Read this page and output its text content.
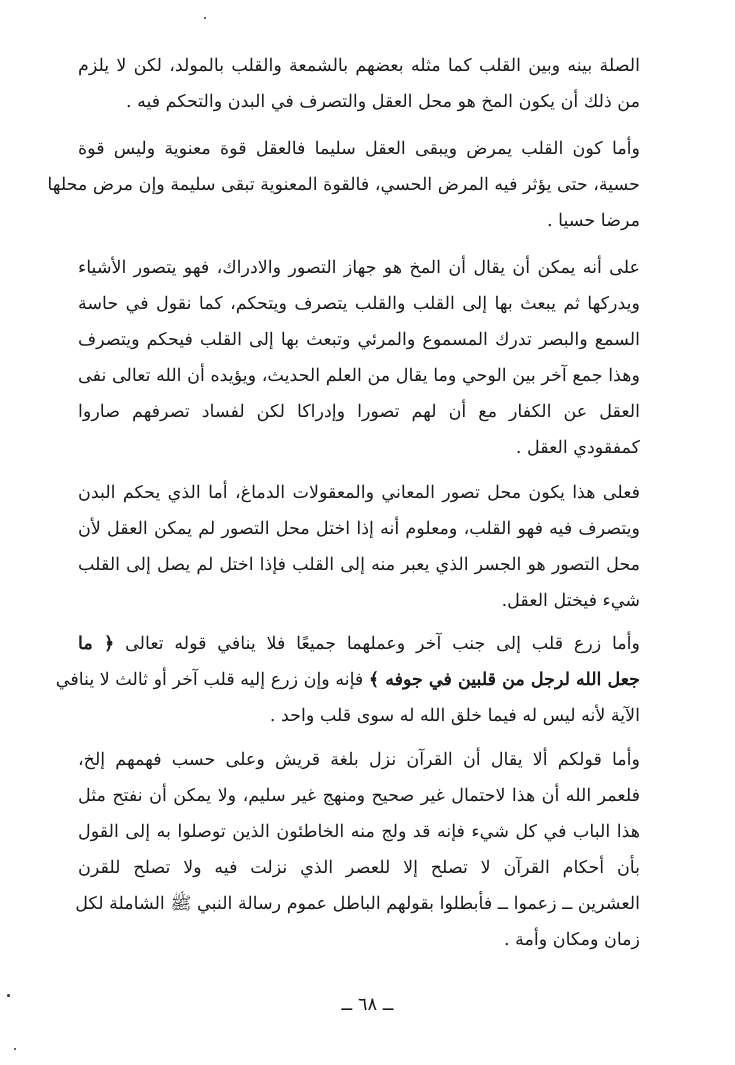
الصلة بينه وبين القلب كما مثله بعضهم بالشمعة والقلب بالمولد، لكن لا يلزم
من ذلك أن يكون المخ هو محل العقل والتصرف في البدن والتحكم فيه .
وأما كون القلب يمرض ويبقى العقل سليما فالعقل قوة معنوية وليس قوة
حسية، حتى يؤثر فيه المرض الحسي، فالقوة المعنوية تبقى سليمة وإن مرض محلها
مرضا حسيا .
على أنه يمكن أن يقال أن المخ هو جهاز التصور والادراك، فهو يتصور الأشياء
ويدركها ثم يبعث بها إلى القلب والقلب يتصرف ويتحكم، كما نقول في حاسة
السمع والبصر تدرك المسموع والمرئي وتبعث بها إلى القلب فيحكم ويتصرف
وهذا جمع آخر بين الوحي وما يقال من العلم الحديث، ويؤيده أن الله تعالى نفى
العقل عن الكفار مع أن لهم تصورا وإدراكا لكن لفساد تصرفهم صاروا
كمفقودي العقل .
فعلى هذا يكون محل تصور المعاني والمعقولات الدماغ، أما الذي يحكم البدن
ويتصرف فيه فهو القلب، ومعلوم أنه إذا اختل محل التصور لم يمكن العقل لأن
محل التصور هو الجسر الذي يعبر منه إلى القلب فإذا اختل لم يصل إلى القلب
شيء فيختل العقل.
وأما زرع قلب إلى جنب آخر وعملهما جميعًا فلا ينافي قوله تعالى ﴿ ما
جعل الله لرجل من قلبين في جوفه ﴾ فإنه وإن زرع إليه قلب آخر أو ثالث لا ينافي
الآية لأنه ليس له فيما خلق الله له سوى قلب واحد .
وأما قولكم ألا يقال أن القرآن نزل بلغة قريش وعلى حسب فهمهم إلخ،
فلعمر الله أن هذا لاحتمال غير صحيح ومنهج غير سليم، ولا يمكن أن نفتح مثل
هذا الباب في كل شيء فإنه قد ولج منه الخاطئون الذين توصلوا به إلى القول
بأن أحكام القرآن لا تصلح إلا للعصر الذي نزلت فيه ولا تصلح للقرن
العشرين ــ زعموا ــ فأبطلوا بقولهم الباطل عموم رسالة النبي ﷺ الشاملة لكل
زمان ومكان وأمة .
ــ ٦٨ ــ
